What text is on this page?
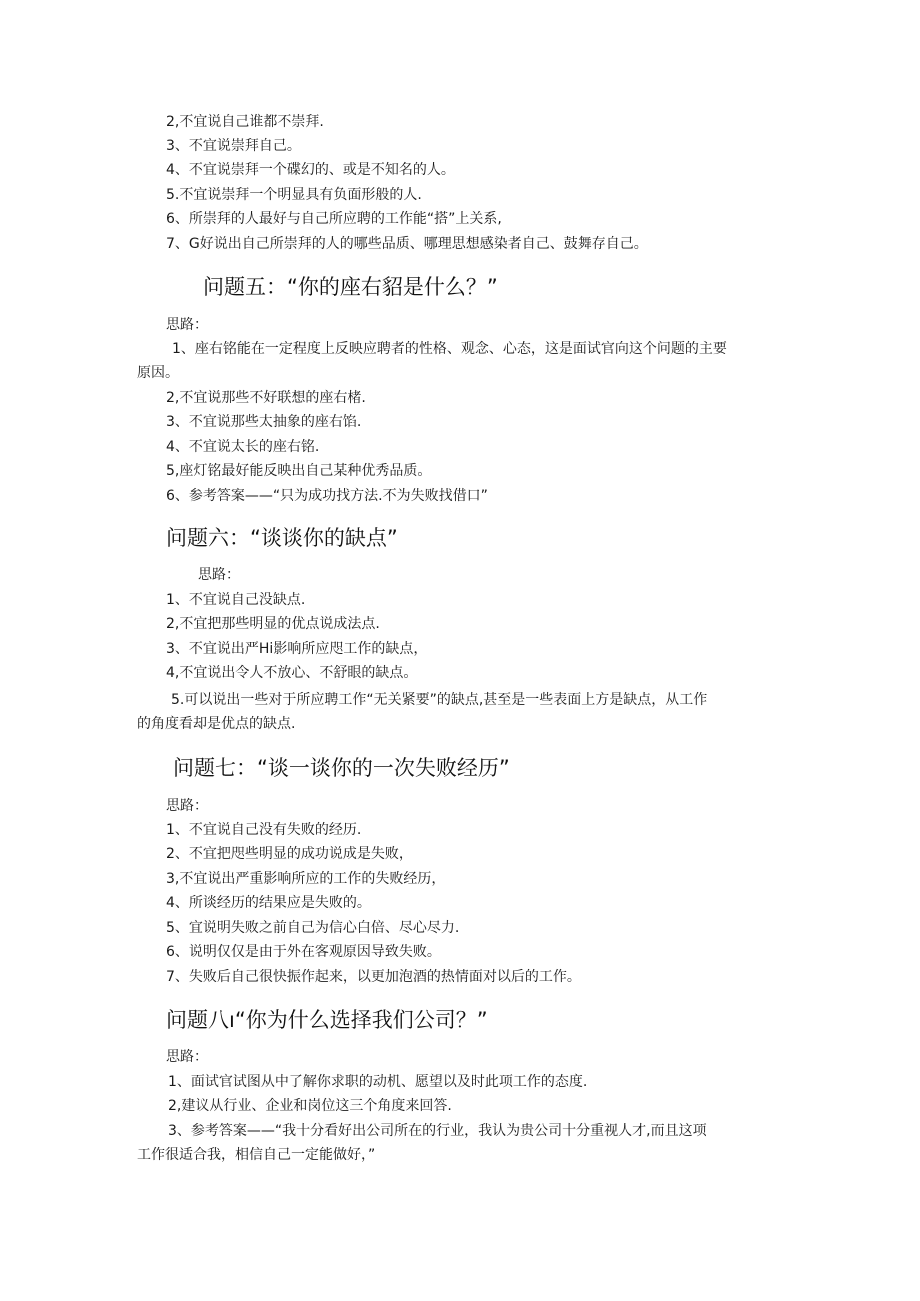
2,不宜说自己谁都不崇拜.
3、不宜说崇拜自己。
4、不宜说崇拜一个碟幻的、或是不知名的人。
5.不宜说崇拜一个明显具有负面形般的人.
6、所崇拜的人最好与自己所应聘的工作能“搭”上关系,
7、G好说出自己所崇拜的人的哪些品质、哪理思想感染者自己、鼓舞存自己。
问题五：“你的座右貂是什么？”
思路：
1、座右铭能在一定程度上反映应聘者的性格、观念、心态，这是面试官向这个问题的主要
原因。
2,不宜说那些不好联想的座右楮.
3、不宜说那些太抽象的座右馅.
4、不宜说太长的座右铭.
5,座灯铭最好能反映出自己某种优秀品质。
6、参考答案——“只为成功找方法.不为失败找借口”
问题六：“谈谈你的缺点”
思路：
1、不宜说自己没缺点.
2,不宜把那些明显的优点说成法点.
3、不宜说出严Hi影响所应咫工作的缺点，
4,不宜说出令人不放心、不舒眼的缺点。
5.可以说出一些对于所应聘工作“无关紧要”的缺点,甚至是一些表面上方是缺点，从工作
的角度看却是优点的缺点.
问题七：“谈一谈你的一次失败经历”
思路：
1、不宜说自己没有失败的经历.
2、不宜把咫些明显的成功说成是失败，
3,不宜说出严重影响所应的工作的失败经历，
4、所谈经历的结果应是失败的。
5、宜说明失败之前自己为信心白倍、尽心尽力.
6、说明仅仅是由于外在客观原因导致失败。
7、失败后自己很快振作起来，以更加泡酒的热情面对以后的工作。
问题八ı“你为什么选择我们公司？”
思路：
1、面试官试图从中了解你求职的动机、愿望以及时此项工作的态度.
2,建议从行业、企业和岗位这三个角度来回答.
3、参考答案——“我十分看好出公司所在的行业，我认为贵公司十分重视人才,而且这项
工作很适合我，相信自己一定能做好，”
